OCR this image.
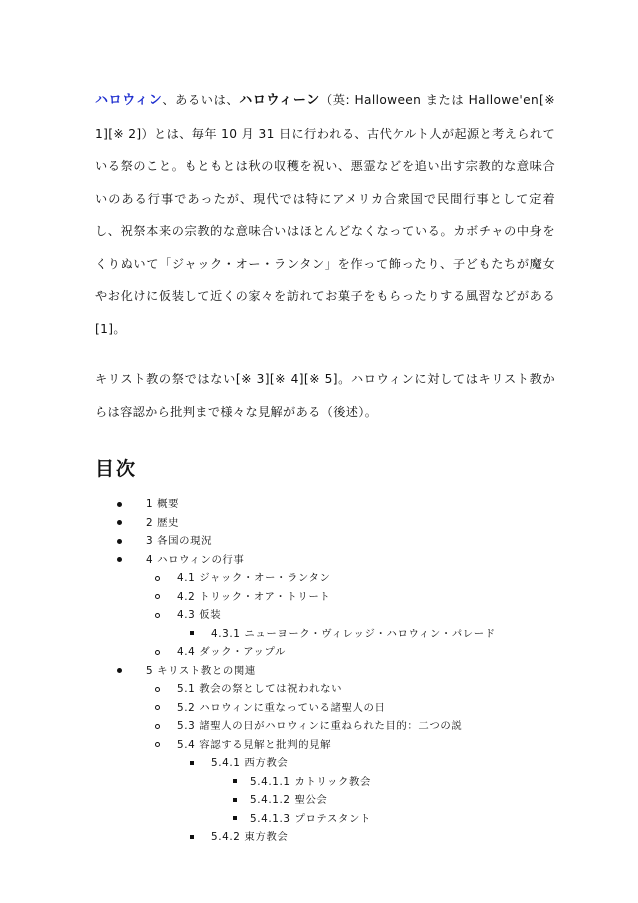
ハロウィン、あるいは、ハロウィーン（英: Halloween または Hallowe'en[※ 1][※ 2]）とは、毎年 10 月 31 日に行われる、古代ケルト人が起源と考えられている祭のこと。もともとは秋の収穫を祝い、悪霊などを追い出す宗教的な意味合いのある行事であったが、現代では特にアメリカ合衆国で民間行事として定着し、祝祭本来の宗教的な意味合いはほとんどなくなっている。カボチャの中身をくりぬいて「ジャック・オー・ランタン」を作って飾ったり、子どもたちが魔女やお化けに仮装して近くの家々を訪れてお菓子をもらったりする風習などがある[1]。

キリスト教の祭ではない[※ 3][※ 4][※ 5]。ハロウィンに対してはキリスト教からは容認から批判まで様々な見解がある（後述）。

目次
1 概要
2 歴史
3 各国の現況
4 ハロウィンの行事
4.1 ジャック・オー・ランタン
4.2 トリック・オア・トリート
4.3 仮装
4.3.1 ニューヨーク・ヴィレッジ・ハロウィン・パレード
4.4 ダック・アップル
5 キリスト教との関連
5.1 教会の祭としては祝われない
5.2 ハロウィンに重なっている諸聖人の日
5.3 諸聖人の日がハロウィンに重ねられた目的：二つの説
5.4 容認する見解と批判的見解
5.4.1 西方教会
5.4.1.1 カトリック教会
5.4.1.2 聖公会
5.4.1.3 プロテスタント
5.4.2 東方教会
